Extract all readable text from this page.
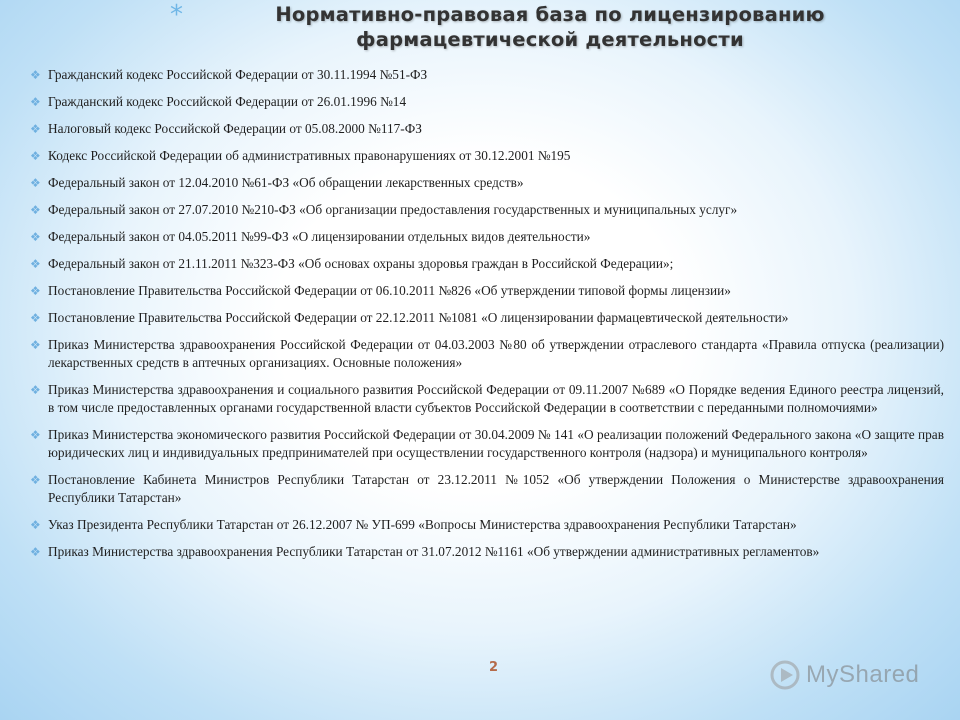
*	Нормативно-правовая база по лицензированию
фармацевтической деятельности
❖ Гражданский кодекс Российской Федерации от 30.11.1994 №51-ФЗ
❖ Гражданский кодекс Российской Федерации от 26.01.1996 №14
❖ Налоговый кодекс Российской Федерации от 05.08.2000 №117-ФЗ
❖ Кодекс Российской Федерации об административных правонарушениях от 30.12.2001 №195
❖ Федеральный закон от 12.04.2010 №61-ФЗ «Об обращении лекарственных средств»
❖ Федеральный закон от 27.07.2010 №210-ФЗ «Об организации предоставления государственных и муниципальных услуг»
❖ Федеральный закон от 04.05.2011 №99-ФЗ «О лицензировании отдельных видов деятельности»
❖ Федеральный закон от 21.11.2011 №323-ФЗ «Об основах охраны здоровья граждан в Российской Федерации»;
❖ Постановление Правительства Российской Федерации от 06.10.2011 №826 «Об утверждении типовой формы лицензии»
❖ Постановление Правительства Российской Федерации от 22.12.2011 №1081 «О лицензировании фармацевтической деятельности»
❖ Приказ Министерства здравоохранения Российской Федерации от 04.03.2003 №80 об утверждении отраслевого стандарта «Правила отпуска (реализации) лекарственных средств в аптечных организациях. Основные положения»
❖ Приказ Министерства здравоохранения и социального развития Российской Федерации от 09.11.2007 №689 «О Порядке ведения Единого реестра лицензий, в том числе предоставленных органами государственной власти субъектов Российской Федерации в соответствии с переданными полномочиями»
❖ Приказ Министерства экономического развития Российской Федерации от 30.04.2009 № 141 «О реализации положений Федерального закона «О защите прав юридических лиц и индивидуальных предпринимателей при осуществлении государственного контроля (надзора) и муниципального контроля»
❖ Постановление Кабинета Министров Республики Татарстан от 23.12.2011 №1052 «Об утверждении Положения о Министерстве здравоохранения Республики Татарстан»
❖ Указ Президента Республики Татарстан от 26.12.2007 № УП-699 «Вопросы Министерства здравоохранения Республики Татарстан»
❖ Приказ Министерства здравоохранения Республики Татарстан от 31.07.2012 №1161 «Об утверждении административных регламентов»
2	MyShared
